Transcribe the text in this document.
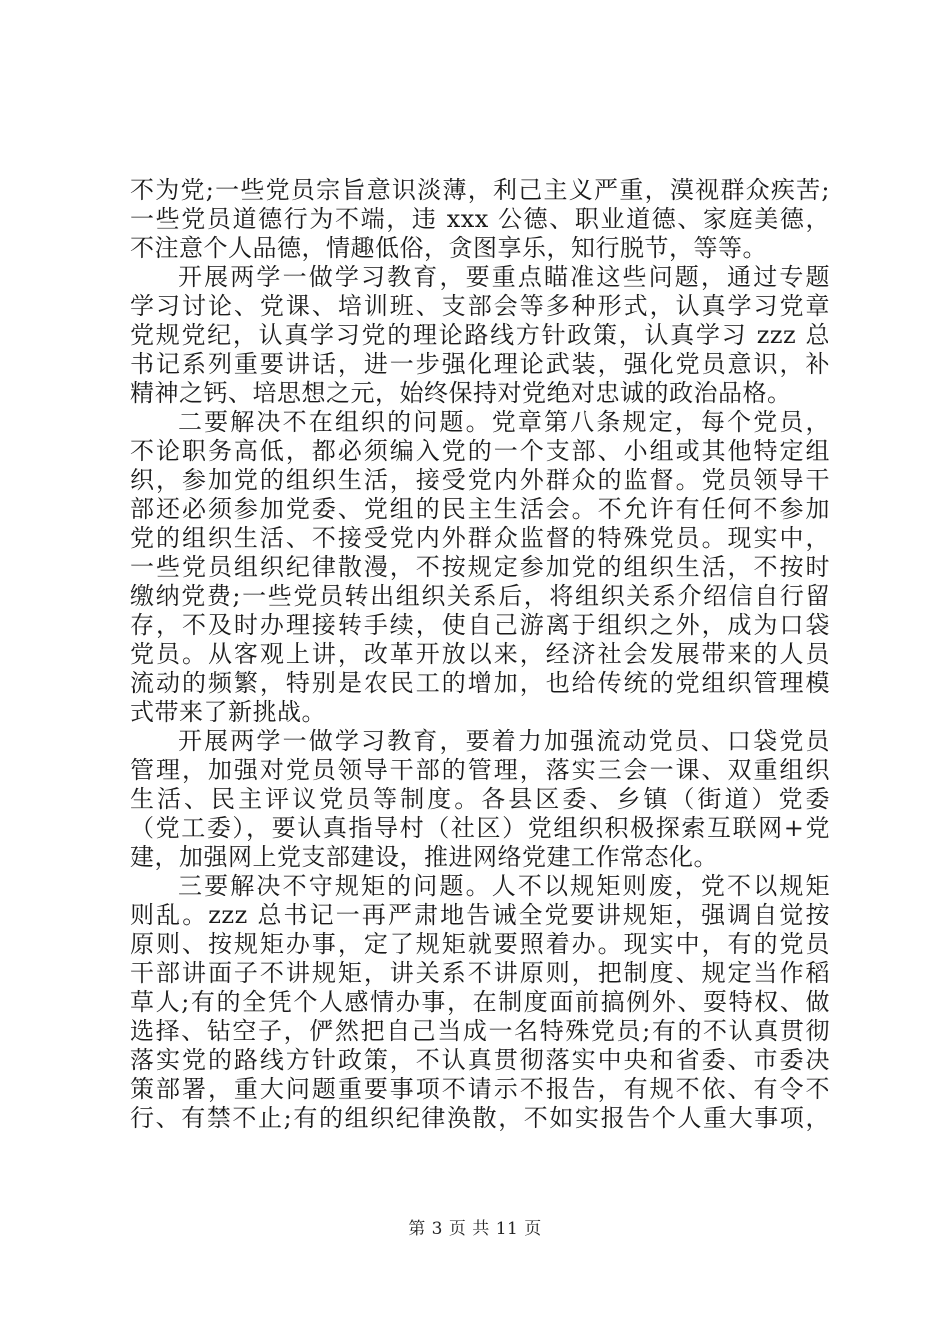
不为党;一些党员宗旨意识淡薄，利己主义严重，漠视群众疾苦;
一些党员道德行为不端，违 xxx 公德、职业道德、家庭美德，
不注意个人品德，情趣低俗，贪图享乐，知行脱节，等等。
开展两学一做学习教育，要重点瞄准这些问题，通过专题
学习讨论、党课、培训班、支部会等多种形式，认真学习党章
党规党纪，认真学习党的理论路线方针政策，认真学习 zzz 总
书记系列重要讲话，进一步强化理论武装，强化党员意识，补
精神之钙、培思想之元，始终保持对党绝对忠诚的政治品格。
二要解决不在组织的问题。党章第八条规定，每个党员，
不论职务高低，都必须编入党的一个支部、小组或其他特定组
织，参加党的组织生活，接受党内外群众的监督。党员领导干
部还必须参加党委、党组的民主生活会。不允许有任何不参加
党的组织生活、不接受党内外群众监督的特殊党员。现实中，
一些党员组织纪律散漫，不按规定参加党的组织生活，不按时
缴纳党费;一些党员转出组织关系后，将组织关系介绍信自行留
存，不及时办理接转手续，使自己游离于组织之外，成为口袋
党员。从客观上讲，改革开放以来，经济社会发展带来的人员
流动的频繁，特别是农民工的增加，也给传统的党组织管理模
式带来了新挑战。
开展两学一做学习教育，要着力加强流动党员、口袋党员
管理，加强对党员领导干部的管理，落实三会一课、双重组织
生活、民主评议党员等制度。各县区委、乡镇（街道）党委
（党工委），要认真指导村（社区）党组织积极探索互联网+党
建，加强网上党支部建设，推进网络党建工作常态化。
三要解决不守规矩的问题。人不以规矩则废，党不以规矩
则乱。zzz 总书记一再严肃地告诫全党要讲规矩，强调自觉按
原则、按规矩办事，定了规矩就要照着办。现实中，有的党员
干部讲面子不讲规矩，讲关系不讲原则，把制度、规定当作稻
草人;有的全凭个人感情办事，在制度面前搞例外、耍特权、做
选择、钻空子，俨然把自己当成一名特殊党员;有的不认真贯彻
落实党的路线方针政策，不认真贯彻落实中央和省委、市委决
策部署，重大问题重要事项不请示不报告，有规不依、有令不
行、有禁不止;有的组织纪律涣散，不如实报告个人重大事项，
第 3 页 共 11 页
